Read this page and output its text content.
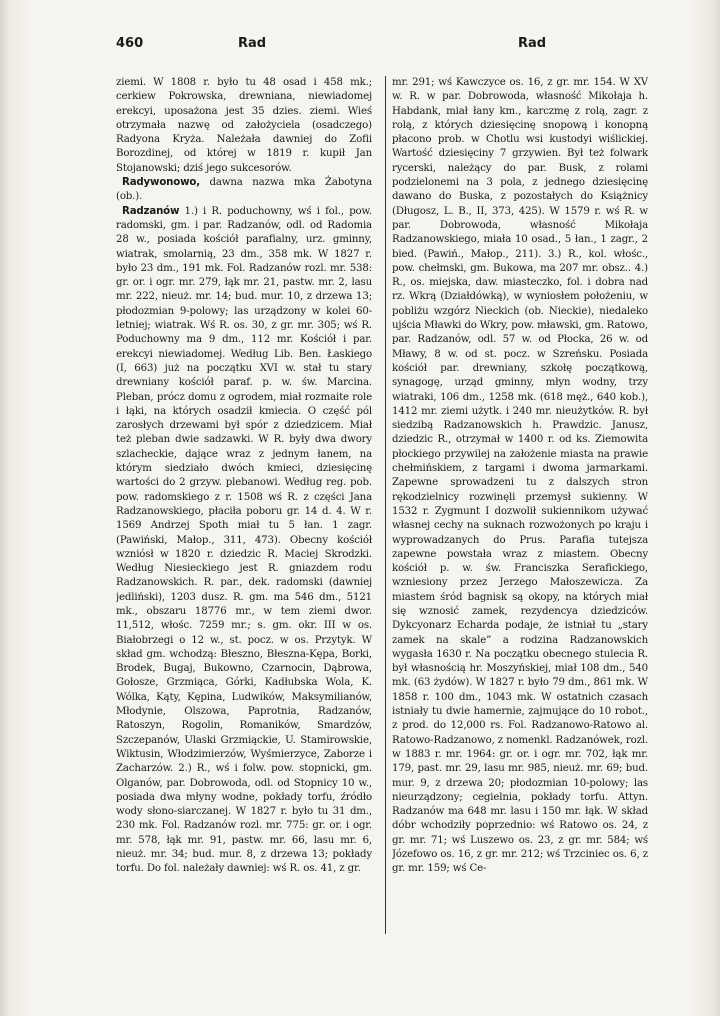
460	Rad	Rad

ziemi. W 1808 r. było tu 48 osad i 458 mk.; cerkiew Pokrowska, drewniana, niewiadomej erekcyi, uposażona jest 35 dzies. ziemi. Wieś otrzymała nazwę od założyciela (osadczego) Radyona Kryża. Należała dawniej do Zofii Borozdinej, od której w 1819 r. kupił Jan Stojanowski; dziś jego sukcesorów.

Radywonowo, dawna nazwa mka Żabotyna (ob.).

Radzanów 1.) i R. poduchowny, wś i fol., pow. radomski, gm. i par. Radzanów, odl. od Radomia 28 w., posiada kościół parafialny, urz. gminny, wiatrak, smolarnią, 23 dm., 358 mk. W 1827 r. było 23 dm., 191 mk. Fol. Radzanów rozl. mr. 538: gr. or. i ogr. mr. 279, łąk mr. 21, pastw. mr. 2, lasu mr. 222, nieuż. mr. 14; bud. mur. 10, z drzewa 13; płodozmian 9-polowy; las urządzony w kolei 60-letniej; wiatrak. Wś R. os. 30, z gr. mr. 305; wś R. Poduchowny ma 9 dm., 112 mr. Kościół i par. erekcyi niewiadomej. Według Lib. Ben. Łaskiego (I, 663) już na początku XVI w. stał tu stary drewniany kościół paraf. p. w. św. Marcina. Pleban, prócz domu z ogrodem, miał rozmaite role i łąki, na których osadził kmiecia. O część pól zarosłych drzewami był spór z dziedzicem. Miał też pleban dwie sadzawki. W R. były dwa dwory szlacheckie, dające wraz z jednym łanem, na którym siedziało dwóch kmieci, dziesięcinę wartości do 2 grzyw. plebanowi. Według reg. pob. pow. radomskiego z r. 1508 wś R. z części Jana Radzanowskiego, płaciła poboru gr. 14 d. 4. W r. 1569 Andrzej Spoth miał tu 5 łan. 1 zagr. (Pawiński, Małop., 311, 473). Obecny kościół wzniósł w 1820 r. dziedzic R. Maciej Skrodzki. Według Niesieckiego jest R. gniazdem rodu Radzanowskich. R. par., dek. radomski (dawniej jedliński), 1203 dusz. R. gm. ma 546 dm., 5121 mk., obszaru 18776 mr., w tem ziemi dwor. 11,512, włośc. 7259 mr.; s. gm. okr. III w os. Białobrzegi o 12 w., st. pocz. w os. Przytyk. W skład gm. wchodzą: Błeszno, Błeszna-Kępa, Borki, Brodek, Bugaj, Bukowno, Czarnocin, Dąbrowa, Gołosze, Grzmiąca, Górki, Kadłubska Wola, K. Wólka, Kąty, Kępina, Ludwików, Maksymilianów, Młodynie, Olszowa, Paprotnia, Radzanów, Ratoszyn, Rogolin, Romaników, Smardzów, Szczepanów, Ulaski Grzmiąckie, U. Stamirowskie, Wiktusin, Włodzimierzów, Wyśmierzyce, Zaborze i Zacharzów. 2.) R., wś i folw. pow. stopnicki, gm. Olganów, par. Dobrowoda, odl. od Stopnicy 10 w., posiada dwa młyny wodne, pokłady torfu, źródło wody słono-siarczanej. W 1827 r. było tu 31 dm., 230 mk. Fol. Radzanów rozl. mr. 775: gr. or. i ogr. mr. 578, łąk mr. 91, pastw. mr. 66, lasu mr. 6, nieuż. mr. 34; bud. mur. 8, z drzewa 13; pokłady torfu. Do fol. należały dawniej: wś R. os. 41, z gr.

mr. 291; wś Kawczyce os. 16, z gr. mr. 154. W XV w. R. w par. Dobrowoda, własność Mikołaja h. Habdank, miał łany km., karczmę z rolą, zagr. z rolą, z których dziesięcinę snopową i konopną płacono prob. w Chotlu wsi kustodyi wiślickiej. Wartość dziesięciny 7 grzywien. Był też folwark rycerski, należący do par. Busk, z rolami podzielonemi na 3 pola, z jednego dziesięcinę dawano do Buska, z pozostałych do Książnicy (Długosz, L. B., II, 373, 425). W 1579 r. wś R. w par. Dobrowoda, własność Mikołaja Radzanowskiego, miała 10 osad., 5 łan., 1 zagr., 2 bied. (Pawiń., Małop., 211). 3.) R., kol. włośc., pow. chełmski, gm. Bukowa, ma 207 mr. obsz.. 4.) R., os. miejska, daw. miasteczko, fol. i dobra nad rz. Wkrą (Działdówką), w wyniosłem położeniu, w pobliżu wzgórz Nieckich (ob. Nieckie), niedaleko ujścia Mławki do Wkry, pow. mławski, gm. Ratowo, par. Radzanów, odl. 57 w. od Płocka, 26 w. od Mławy, 8 w. od st. pocz. w Szreńsku. Posiada kościół par. drewniany, szkołę początkową, synagogę, urząd gminny, młyn wodny, trzy wiatraki, 106 dm., 1258 mk. (618 męż., 640 kob.), 1412 mr. ziemi użytk. i 240 mr. nieużytków. R. był siedzibą Radzanowskich h. Prawdzic. Janusz, dziedzic R., otrzymał w 1400 r. od ks. Ziemowita płockiego przywilej na założenie miasta na prawie chełmińskiem, z targami i dwoma jarmarkami. Zapewne sprowadzeni tu z dalszych stron rękodzielnicy rozwinęli przemysł sukienny. W 1532 r. Zygmunt I dozwolił sukiennikom używać własnej cechy na suknach rozwożonych po kraju i wyprowadzanych do Prus. Parafia tutejsza zapewne powstała wraz z miastem. Obecny kościół p. w. św. Franciszka Serafickiego, wzniesiony przez Jerzego Małoszewicza. Za miastem śród bagnisk są okopy, na których miał się wznosić zamek, rezydencya dziedziców. Dykcyonarz Echarda podaje, że istniał tu „stary zamek na skale” a rodzina Radzanowskich wygasła 1630 r. Na początku obecnego stulecia R. był własnością hr. Moszyńskiej, miał 108 dm., 540 mk. (63 żydów). W 1827 r. było 79 dm., 861 mk. W 1858 r. 100 dm., 1043 mk. W ostatnich czasach istniały tu dwie hamernie, zajmujące do 10 robot., z prod. do 12,000 rs. Fol. Radzanowo-Ratowo al. Ratowo-Radzanowo, z nomenkl. Radzanówek, rozl. w 1883 r. mr. 1964: gr. or. i ogr. mr. 702, łąk mr. 179, past. mr. 29, lasu mr. 985, nieuż. mr. 69; bud. mur. 9, z drzewa 20; płodozmian 10-polowy; las nieurządzony; cegielnia, pokłady torfu. Attyn. Radzanów ma 648 mr. lasu i 150 mr. łąk. W skład dóbr wchodziły poprzednio: wś Ratowo os. 24, z gr. mr. 71; wś Luszewo os. 23, z gr. mr. 584; wś Józefowo os. 16, z gr. mr. 212; wś Trzciniec os. 6, z gr. mr. 159; wś Ce-
